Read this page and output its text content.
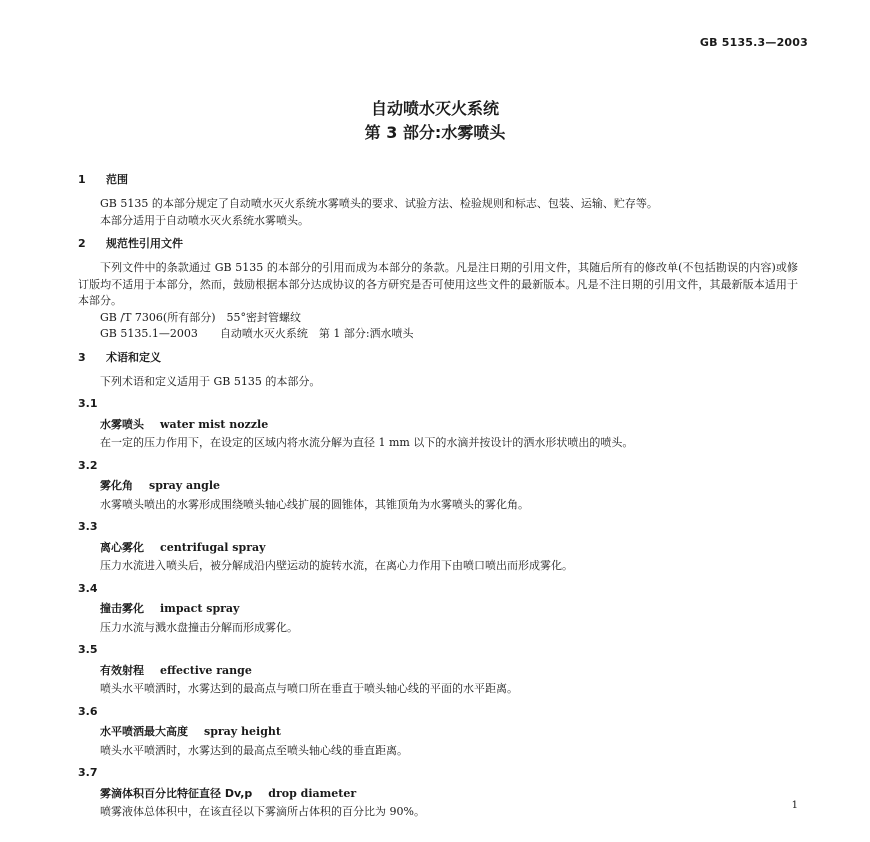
GB 5135.3—2003
自动喷水灭火系统
第 3 部分:水雾喷头
1 范围

GB 5135 的本部分规定了自动喷水灭火系统水雾喷头的要求、试验方法、检验规则和标志、包装、运输、贮存等。

本部分适用于自动喷水灭火系统水雾喷头。

2 规范性引用文件

下列文件中的条款通过 GB 5135 的本部分的引用而成为本部分的条款。凡是注日期的引用文件，其随后所有的修改单(不包括勘误的内容)或修订版均不适用于本部分，然而，鼓励根据本部分达成协议的各方研究是否可使用这些文件的最新版本。凡是不注日期的引用文件，其最新版本适用于本部分。

GB /T 7306(所有部分)　55°密封管螺纹

GB 5135.1—2003　　自动喷水灭火系统　第 1 部分:洒水喷头

3 术语和定义

下列术语和定义适用于 GB 5135 的本部分。

3.1
水雾喷头 water mist nozzle

在一定的压力作用下，在设定的区域内将水流分解为直径 1 mm 以下的水滴并按设计的洒水形状喷出的喷头。

3.2
雾化角 spray angle

水雾喷头喷出的水雾形成围绕喷头轴心线扩展的圆锥体，其锥顶角为水雾喷头的雾化角。

3.3
离心雾化 centrifugal spray

压力水流进入喷头后，被分解成沿内壁运动的旋转水流，在离心力作用下由喷口喷出而形成雾化。

3.4
撞击雾化 impact spray

压力水流与溅水盘撞击分解而形成雾化。

3.5
有效射程 effective range

喷头水平喷洒时，水雾达到的最高点与喷口所在垂直于喷头轴心线的平面的水平距离。

3.6
水平喷洒最大高度 spray height

喷头水平喷洒时，水雾达到的最高点至喷头轴心线的垂直距离。

3.7
雾滴体积百分比特征直径 Dv,p drop diameter

喷雾液体总体积中，在该直径以下雾滴所占体积的百分比为 90%。	1
